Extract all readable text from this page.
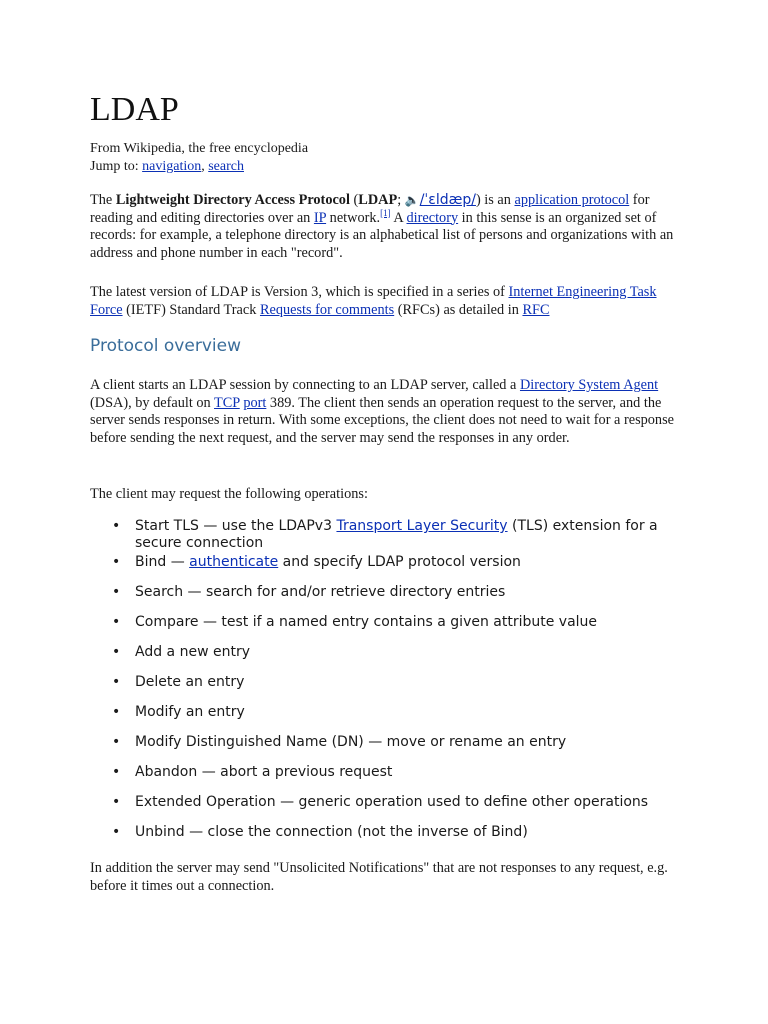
LDAP
From Wikipedia, the free encyclopedia
Jump to: navigation, search

The Lightweight Directory Access Protocol (LDAP; 🔈/ˈɛldæp/) is an application protocol for reading and editing directories over an IP network.[1] A directory in this sense is an organized set of records: for example, a telephone directory is an alphabetical list of persons and organizations with an address and phone number in each "record".

The latest version of LDAP is Version 3, which is specified in a series of Internet Engineering Task Force (IETF) Standard Track Requests for comments (RFCs) as detailed in RFC

Protocol overview

A client starts an LDAP session by connecting to an LDAP server, called a Directory System Agent (DSA), by default on TCP port 389. The client then sends an operation request to the server, and the server sends responses in return. With some exceptions, the client does not need to wait for a response before sending the next request, and the server may send the responses in any order.

The client may request the following operations:

• Start TLS — use the LDAPv3 Transport Layer Security (TLS) extension for a secure connection
• Bind — authenticate and specify LDAP protocol version
• Search — search for and/or retrieve directory entries
• Compare — test if a named entry contains a given attribute value
• Add a new entry
• Delete an entry
• Modify an entry
• Modify Distinguished Name (DN) — move or rename an entry
• Abandon — abort a previous request
• Extended Operation — generic operation used to define other operations
• Unbind — close the connection (not the inverse of Bind)

In addition the server may send "Unsolicited Notifications" that are not responses to any request, e.g. before it times out a connection.
